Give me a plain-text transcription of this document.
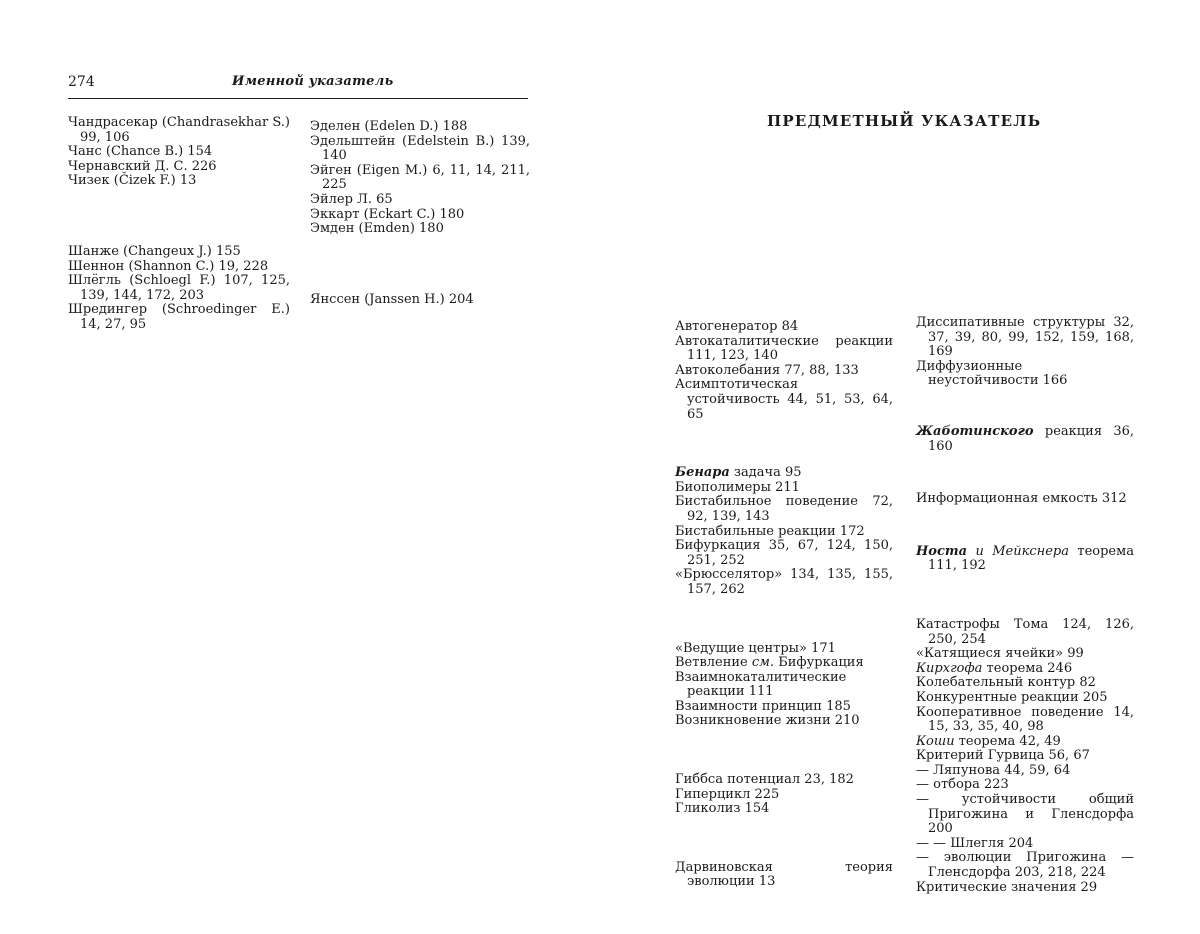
274	Именной указатель

Чандрасекар (Chandrasekhar S.) 99, 106

Чанс (Chance B.) 154

Чернавский Д. С. 226

Чизек (Čizek F.) 13

Шанже (Changeux J.) 155

Шеннон (Shannon C.) 19, 228

Шлёгль (Schloegl F.) 107, 125, 139, 144, 172, 203

Шредингер (Schroedinger E.) 14, 27, 95

Эделен (Edelen D.) 188

Эдельштейн (Edelstein B.) 139, 140

Эйген (Eigen M.) 6, 11, 14, 211, 225

Эйлер Л. 65

Эккарт (Eckart C.) 180

Эмден (Emden) 180

Янссен (Janssen H.) 204

ПРЕДМЕТНЫЙ УКАЗАТЕЛЬ

Автогенератор 84

Автокаталитические реакции 111, 123, 140

Автоколебания 77, 88, 133

Асимптотическая устойчивость 44, 51, 53, 64, 65

Бенара задача 95

Биополимеры 211

Бистабильное поведение 72, 92, 139, 143

Бистабильные реакции 172

Бифуркация 35, 67, 124, 150, 251, 252

«Брюсселятор» 134, 135, 155, 157, 262

«Ведущие центры» 171

Ветвление см. Бифуркация

Взаимнокаталитические реакции 111

Взаимности принцип 185

Возникновение жизни 210

Гиббса потенциал 23, 182

Гиперцикл 225

Гликолиз 154

Дарвиновская теория эволюции 13

Диссипативные структуры 32, 37, 39, 80, 99, 152, 159, 168, 169

Диффузионные неустойчивости 166

Жаботинского реакция 36, 160

Информационная емкость 312

Носта и Мейкснера теорема 111, 192

Катастрофы Тома 124, 126, 250, 254

«Катящиеся ячейки» 99

Кирхгофа теорема 246

Колебательный контур 82

Конкурентные реакции 205

Кооперативное поведение 14, 15, 33, 35, 40, 98

Коши теорема 42, 49

Критерий Гурвица 56, 67

— Ляпунова 44, 59, 64

— отбора 223

— устойчивости общий Пригожина и Гленсдорфа 200

— — Шлегля 204

— эволюции Пригожина — Гленсдорфа 203, 218, 224

Критические значения 29
